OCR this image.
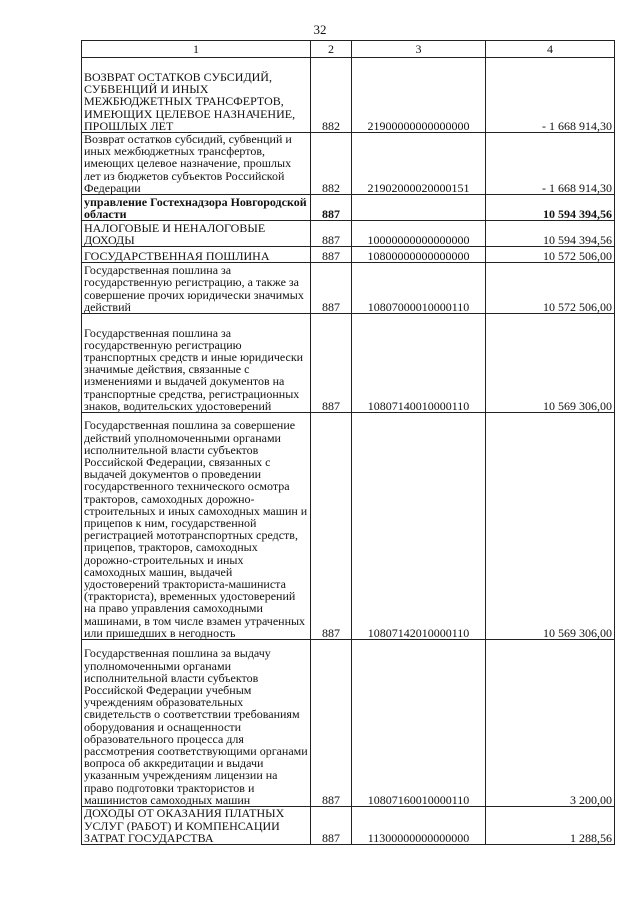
32
1	2	3	4
ВОЗВРАТ ОСТАТКОВ СУБСИДИЙ, СУБВЕНЦИЙ И ИНЫХ МЕЖБЮДЖЕТНЫХ ТРАНСФЕРТОВ, ИМЕЮЩИХ ЦЕЛЕВОЕ НАЗНАЧЕНИЕ, ПРОШЛЫХ ЛЕТ	882	21900000000000000	- 1 668 914,30
Возврат остатков субсидий, субвенций и иных межбюджетных трансфертов, имеющих целевое назначение, прошлых лет из бюджетов субъектов Российской Федерации	882	21902000020000151	- 1 668 914,30
управление Гостехнадзора Новгородской области	887		10 594 394,56
НАЛОГОВЫЕ И НЕНАЛОГОВЫЕ ДОХОДЫ	887	10000000000000000	10 594 394,56
ГОСУДАРСТВЕННАЯ ПОШЛИНА	887	10800000000000000	10 572 506,00
Государственная пошлина за государственную регистрацию, а также за совершение прочих юридически значимых действий	887	10807000010000110	10 572 506,00
Государственная пошлина за государственную регистрацию транспортных средств и иные юридически значимые действия, связанные с изменениями и выдачей документов на транспортные средства, регистрационных знаков, водительских удостоверений	887	10807140010000110	10 569 306,00
Государственная пошлина за совершение действий уполномоченными органами исполнительной власти субъектов Российской Федерации, связанных с выдачей документов о проведении государственного технического осмотра тракторов, самоходных дорожно-строительных и иных самоходных машин и прицепов к ним, государственной регистрацией мототранспортных средств, прицепов, тракторов, самоходных дорожно-строительных и иных самоходных машин, выдачей удостоверений тракториста-машиниста (тракториста), временных удостоверений на право управления самоходными машинами, в том числе взамен утраченных или пришедших в негодность	887	10807142010000110	10 569 306,00
Государственная пошлина за выдачу уполномоченными органами исполнительной власти субъектов Российской Федерации учебным учреждениям образовательных свидетельств о соответствии требованиям оборудования и оснащенности образовательного процесса для рассмотрения соответствующими органами вопроса об аккредитации и выдачи указанным учреждениям лицензии на право подготовки трактористов и машинистов самоходных машин	887	10807160010000110	3 200,00
ДОХОДЫ ОТ ОКАЗАНИЯ ПЛАТНЫХ УСЛУГ (РАБОТ) И КОМПЕНСАЦИИ ЗАТРАТ ГОСУДАРСТВА	887	11300000000000000	1 288,56
